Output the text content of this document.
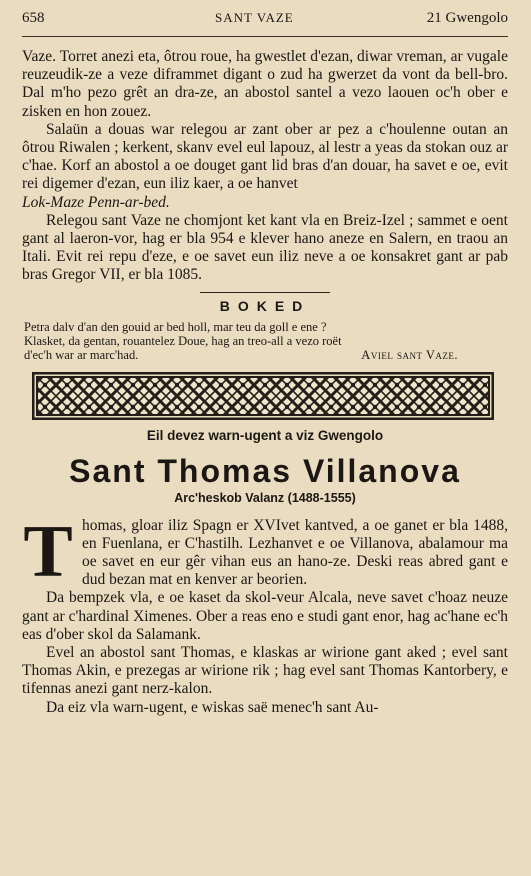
658	SANT VAZE	21 Gwengolo

Vaze. Torret anezi eta, ôtrou roue, ha gwestlet d'ezan, diwar vreman, ar vugale reuzeudik-ze a veze diframmet digant o zud ha gwerzet da vont da bell-bro. Dal m'ho pezo grêt an dra-ze, an abostol santel a vezo laouen oc'h ober e zisken en hon zouez.

Salaün a douas war relegou ar zant ober ar pez a c'houlenne outan an ôtrou Riwalen ; kerkent, skanv evel eul lapouz, al lestr a yeas da stokan ouz ar c'hae. Korf an abostol a oe douget gant lid bras d'an douar, ha savet e oe, evit rei digemer d'ezan, eun iliz kaer, a oe hanvet
Lok-Maze Penn-ar-bed.

Relegou sant Vaze ne chomjont ket kant vla en Breiz-Izel ; sammet e oent gant al laeron-vor, hag er bla 954 e klever hano aneze en Salern, en traou an Itali. Evit rei repu d'eze, e oe savet eun iliz neve a oe konsakret gant ar pab bras Gregor VII, er bla 1085.

BOKED
Petra dalv d'an den gouid ar bed holl, mar teu da goll e ene ?
Klasket, da gentan, rouantelez Doue, hag an treo-all a vezo roët
d'ec'h war ar marc'had.	Aviel sant Vaze.
Eil devez warn-ugent a viz Gwengolo
Sant Thomas Villanova
Arc'heskob Valanz (1488-1555)
T homas, gloar iliz Spagn er XVIvet kantved, a oe ganet er bla 1488, en Fuenlana, er C'hastilh. Lezhanvet e oe Villanova, abalamour ma oe savet en eur gêr vihan eus an hano-ze. Deski reas abred gant e dud bezan mat en kenver ar beorien.

Da bempzek vla, e oe kaset da skol-veur Alcala, neve savet c'hoaz neuze gant ar c'hardinal Ximenes. Ober a reas eno e studi gant enor, hag ac'hane ec'h eas d'ober skol da Salamank.

Evel an abostol sant Thomas, e klaskas ar wirione gant aked ; evel sant Thomas Akin, e prezegas ar wirione rik ; hag evel sant Thomas Kantorbery, e tifennas anezi gant nerz-kalon.

Da eiz vla warn-ugent, e wiskas saë menec'h sant Au-
